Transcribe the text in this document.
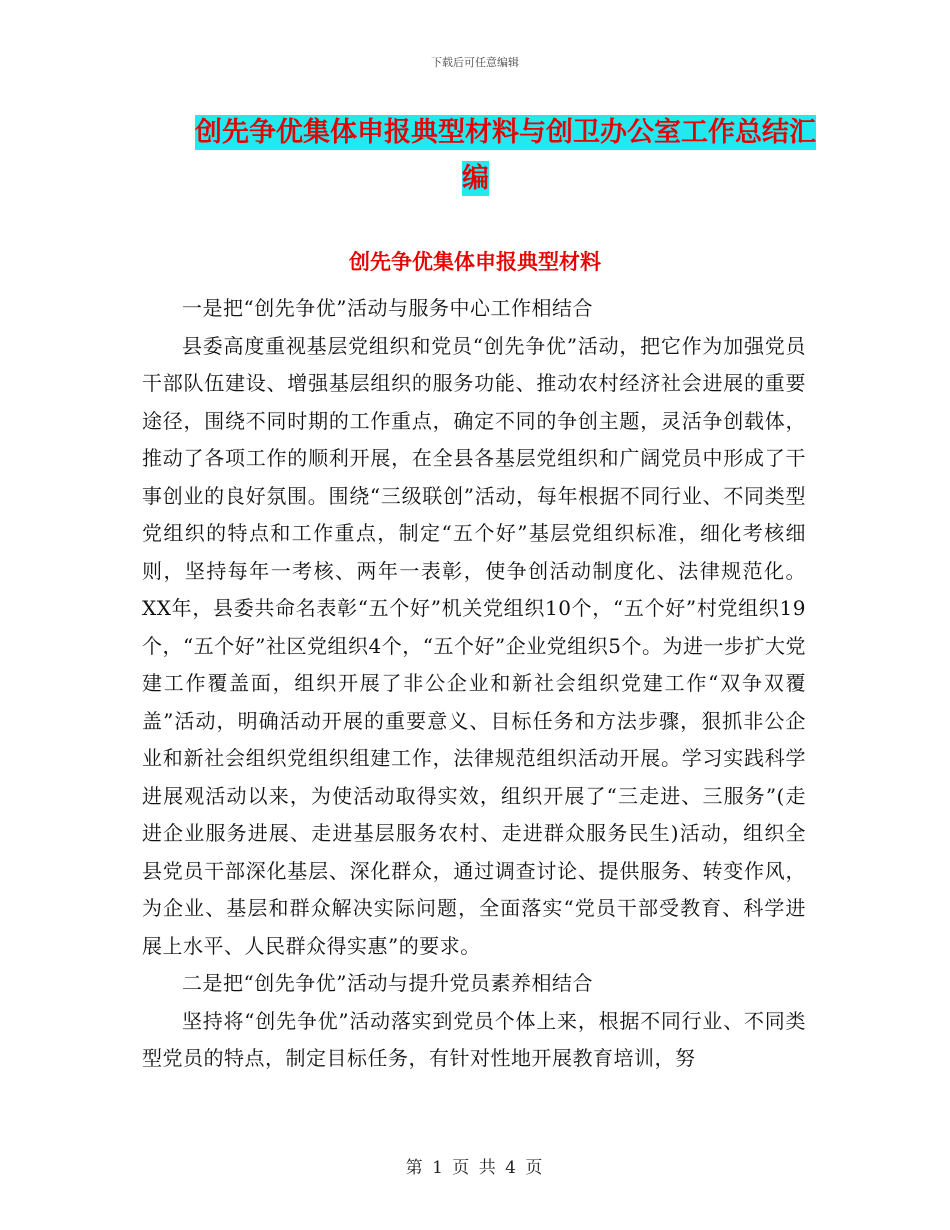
下载后可任意编辑
创先争优集体申报典型材料与创卫办公室工作总结汇
编
创先争优集体申报典型材料

一是把“创先争优”活动与服务中心工作相结合

县委高度重视基层党组织和党员“创先争优”活动，把它作为加强党员干部队伍建设、增强基层组织的服务功能、推动农村经济社会进展的重要途径，围绕不同时期的工作重点，确定不同的争创主题，灵活争创载体，推动了各项工作的顺利开展，在全县各基层党组织和广阔党员中形成了干事创业的良好氛围。围绕“三级联创”活动，每年根据不同行业、不同类型党组织的特点和工作重点，制定“五个好”基层党组织标准，细化考核细则，坚持每年一考核、两年一表彰，使争创活动制度化、法律规范化。XX年，县委共命名表彰“五个好”机关党组织10个，“五个好”村党组织19个，“五个好”社区党组织4个，“五个好”企业党组织5个。为进一步扩大党建工作覆盖面，组织开展了非公企业和新社会组织党建工作“双争双覆盖”活动，明确活动开展的重要意义、目标任务和方法步骤，狠抓非公企业和新社会组织党组织组建工作，法律规范组织活动开展。学习实践科学进展观活动以来，为使活动取得实效，组织开展了“三走进、三服务”(走进企业服务进展、走进基层服务农村、走进群众服务民生)活动，组织全县党员干部深化基层、深化群众，通过调查讨论、提供服务、转变作风，为企业、基层和群众解决实际问题，全面落实“党员干部受教育、科学进展上水平、人民群众得实惠”的要求。

二是把“创先争优”活动与提升党员素养相结合

坚持将“创先争优”活动落实到党员个体上来，根据不同行业、不同类型党员的特点，制定目标任务，有针对性地开展教育培训，努

第 1 页 共 4 页
